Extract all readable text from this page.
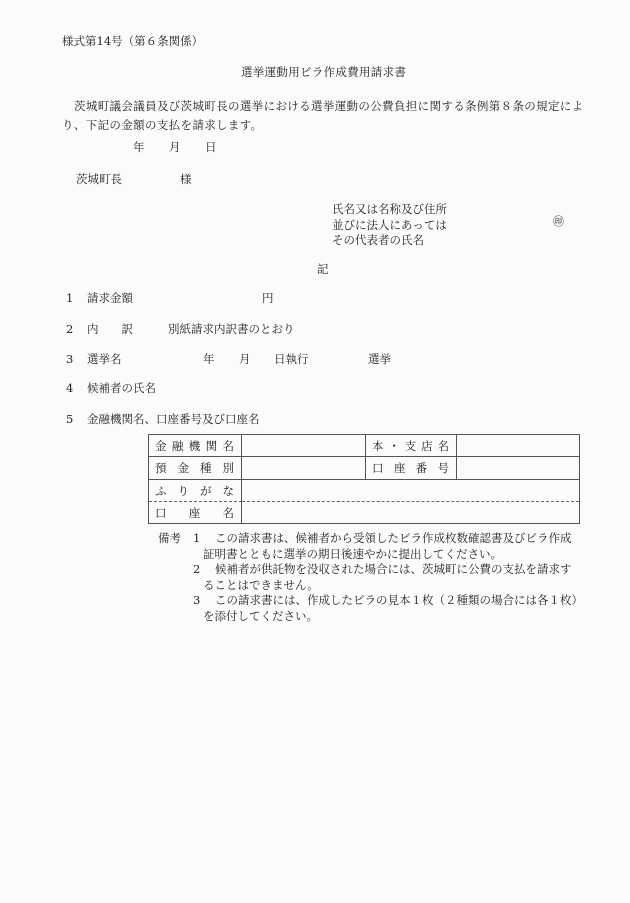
様式第14号（第６条関係）
選挙運動用ビラ作成費用請求書
茨城町議会議員及び茨城町長の選挙における選挙運動の公費負担に関する条例第８条の規定により、下記の金額の支払を請求します。
年 月 日
茨城町長	様
氏名又は名称及び住所
並びに法人にあっては
その代表者の氏名
㊞
記
1 請求金額	円
2 内　　訳	別紙請求内訳書のとおり
3 選挙名	年 月 日執行	選挙
4 候補者の氏名
5 金融機関名、口座番号及び口座名
金 融 機 関 名	本 ・ 支 店 名
預 金 種 別	口 座 番 号
ふ り が な
口 座 名
備考 1 この請求書は、候補者から受領したビラ作成枚数確認書及びビラ作成
証明書とともに選挙の期日後速やかに提出してください。
2 候補者が供託物を没収された場合には、茨城町に公費の支払を請求す
ることはできません。
3 この請求書には、作成したビラの見本１枚（２種類の場合には各１枚）
を添付してください。
